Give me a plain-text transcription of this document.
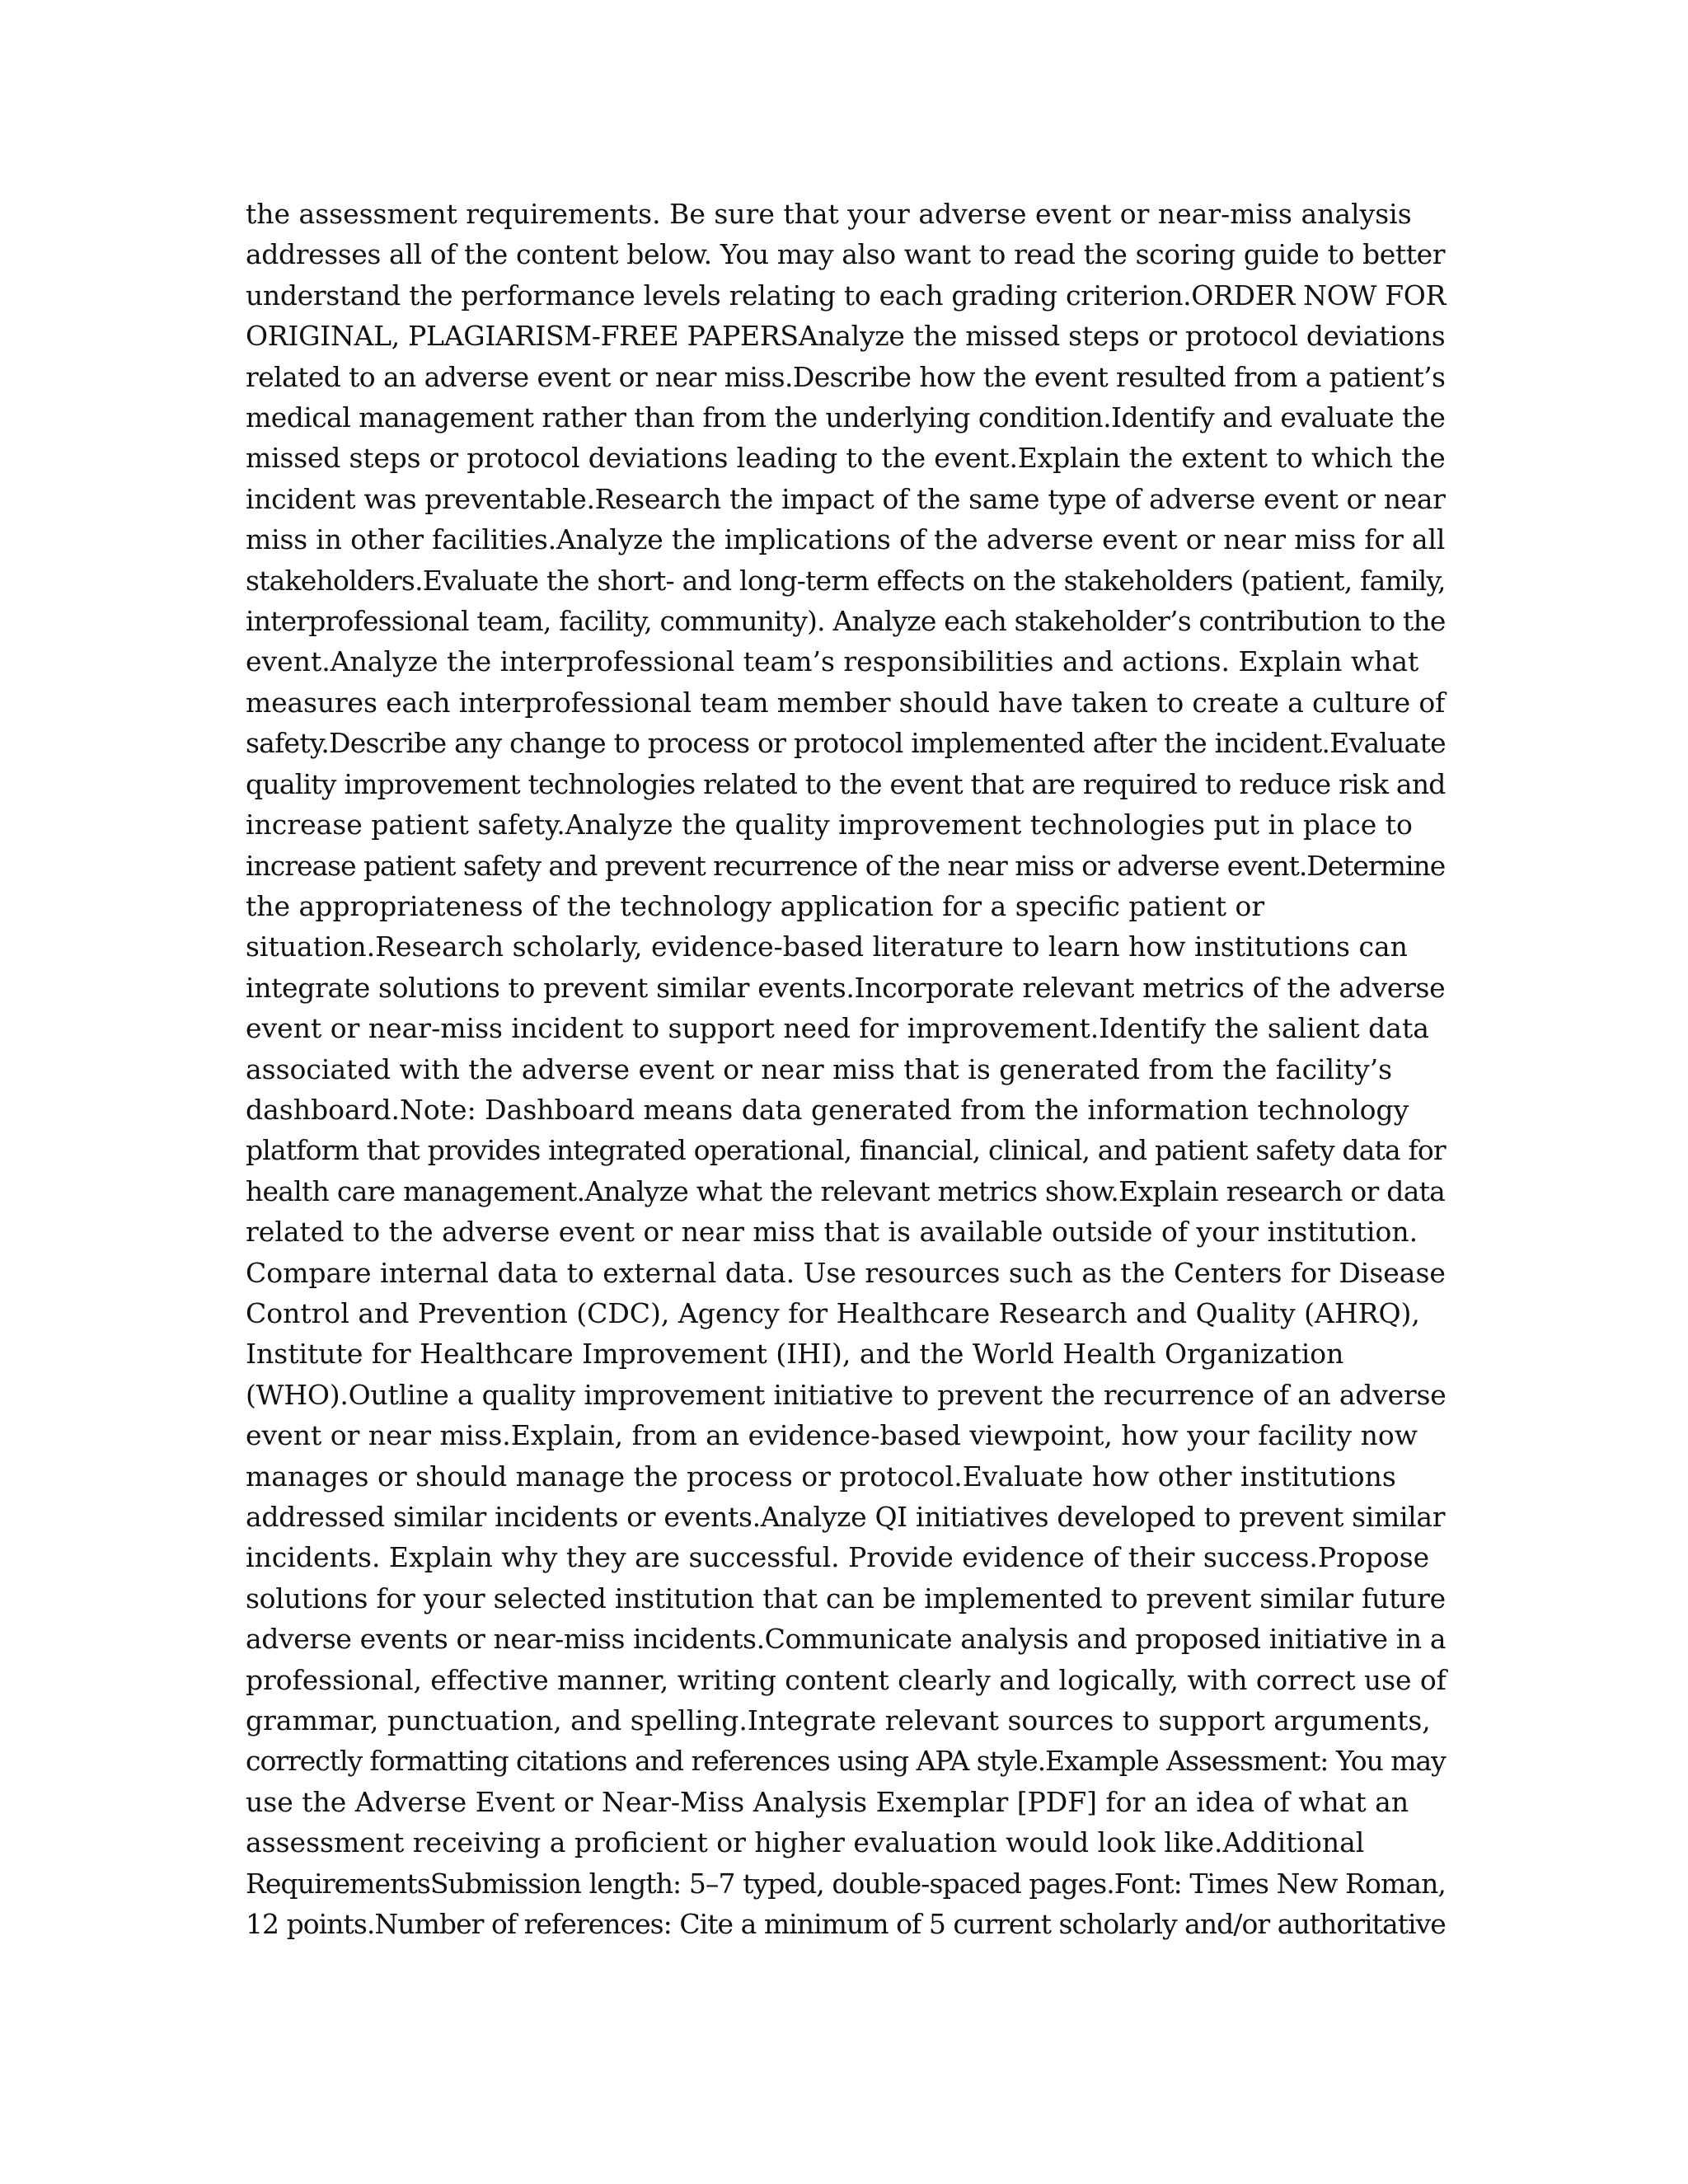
the assessment requirements. Be sure that your adverse event or near-miss analysis
addresses all of the content below. You may also want to read the scoring guide to better
understand the performance levels relating to each grading criterion.ORDER NOW FOR
ORIGINAL, PLAGIARISM-FREE PAPERSAnalyze the missed steps or protocol deviations
related to an adverse event or near miss.Describe how the event resulted from a patient’s
medical management rather than from the underlying condition.Identify and evaluate the
missed steps or protocol deviations leading to the event.Explain the extent to which the
incident was preventable.Research the impact of the same type of adverse event or near
miss in other facilities.Analyze the implications of the adverse event or near miss for all
stakeholders.Evaluate the short- and long-term effects on the stakeholders (patient, family,
interprofessional team, facility, community). Analyze each stakeholder’s contribution to the
event.Analyze the interprofessional team’s responsibilities and actions. Explain what
measures each interprofessional team member should have taken to create a culture of
safety.Describe any change to process or protocol implemented after the incident.Evaluate
quality improvement technologies related to the event that are required to reduce risk and
increase patient safety.Analyze the quality improvement technologies put in place to
increase patient safety and prevent recurrence of the near miss or adverse event.Determine
the appropriateness of the technology application for a specific patient or
situation.Research scholarly, evidence-based literature to learn how institutions can
integrate solutions to prevent similar events.Incorporate relevant metrics of the adverse
event or near-miss incident to support need for improvement.Identify the salient data
associated with the adverse event or near miss that is generated from the facility’s
dashboard.Note: Dashboard means data generated from the information technology
platform that provides integrated operational, financial, clinical, and patient safety data for
health care management.Analyze what the relevant metrics show.Explain research or data
related to the adverse event or near miss that is available outside of your institution.
Compare internal data to external data. Use resources such as the Centers for Disease
Control and Prevention (CDC), Agency for Healthcare Research and Quality (AHRQ),
Institute for Healthcare Improvement (IHI), and the World Health Organization
(WHO).Outline a quality improvement initiative to prevent the recurrence of an adverse
event or near miss.Explain, from an evidence-based viewpoint, how your facility now
manages or should manage the process or protocol.Evaluate how other institutions
addressed similar incidents or events.Analyze QI initiatives developed to prevent similar
incidents. Explain why they are successful. Provide evidence of their success.Propose
solutions for your selected institution that can be implemented to prevent similar future
adverse events or near-miss incidents.Communicate analysis and proposed initiative in a
professional, effective manner, writing content clearly and logically, with correct use of
grammar, punctuation, and spelling.Integrate relevant sources to support arguments,
correctly formatting citations and references using APA style.Example Assessment: You may
use the Adverse Event or Near-Miss Analysis Exemplar [PDF] for an idea of what an
assessment receiving a proficient or higher evaluation would look like.Additional
RequirementsSubmission length: 5–7 typed, double-spaced pages.Font: Times New Roman,
12 points.Number of references: Cite a minimum of 5 current scholarly and/or authoritative
